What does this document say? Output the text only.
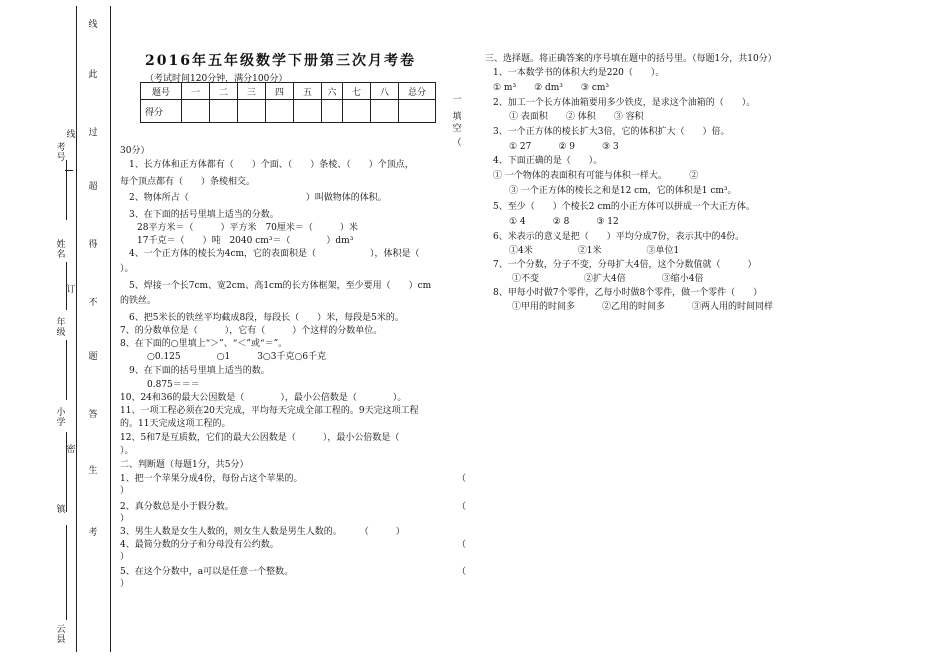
线
此
过
超
得
不
题
答
生
考
考号
线
姓名
订
年级
小学
密
镇
云县
2016年五年级数学下册第三次月考卷
（考试时间120分钟，满分100分）
题号	一	二	三	四	五	六	七	八	总分
得分									
一
填
空
（
30分）
1、长方体和正方体都有（　　）个面、（　　）条棱、（　　）个顶点，
每个顶点都有（　　）条棱相交。
2、物体所占（　　　　　　　　　　　　　）叫做物体的体积。
3、在下面的括号里填上适当的分数。
28平方米＝（　　　）平方米　70厘米＝（　　　）米
17千克＝（　　）吨　2040 cm³＝（　　　　）dm³
4、一个正方体的棱长为4cm，它的表面积是（　　　　　　），体积是（
）。
5、焊接一个长7cm、宽2cm、高1cm的长方体框架，至少要用（　　）cm
的铁丝。
6、把5米长的铁丝平均截成8段，每段长（　　）米，每段是5米的。
7、的分数单位是（　　　），它有（　　　）个这样的分数单位。
8、在下面的○里填上“＞”、“＜”或“＝”。
○0.125　　　　○1　　　3○3千克○6千克
9、在下面的括号里填上适当的数。
0.875＝＝＝
10、24和36的最大公因数是（　　　　），最小公倍数是（　　　　）。
11、一项工程必须在20天完成，平均每天完成全部工程的。9天完这项工程
的。11天完成这项工程的。
12、5和7是互质数，它们的最大公因数是（　　　），最小公倍数是（
）。
二、判断题（每题1分，共5分）
1、把一个苹果分成4份，每份占这个苹果的。	（
）
2、真分数总是小于假分数。	（
）
3、男生人数是女生人数的，则女生人数是男生人数的。　　　（　　　）
4、最简分数的分子和分母没有公约数。	（
）
5、在这个分数中，a可以是任意一个整数。	（
）
三、选择题。将正确答案的序号填在题中的括号里。（每题1分，共10分）
1、一本数学书的体积大约是220（　　）。
① m³　　② dm³　　③ cm³
2、加工一个长方体油箱要用多少铁皮，是求这个油箱的（　　）。
① 表面积　　② 体积　　③ 容积
3、一个正方体的棱长扩大3倍，它的体积扩大（　　）倍。
① 27　　　② 9　　　③ 3
4、下面正确的是（　　）。
① 一个物体的表面积有可能与体积一样大。　　　②
③ 一个正方体的棱长之和是12 cm，它的体积是1 cm³。
5、至少（　　）个棱长2 cm的小正方体可以拼成一个大正方体。
① 4　　　② 8　　　③ 12
6、米表示的意义是把（　　）平均分成7份，表示其中的4份。
①4米　　　　　②1米　　　　　③单位1
7、一个分数，分子不变，分母扩大4倍，这个分数值就（　　　）
①不变　　　　　②扩大4倍　　　　③缩小4倍
8、甲每小时做7个零件，乙每小时做8个零件，做一个零件（　　）
①甲用的时间多　　　②乙用的时间多　　　③两人用的时间同样
